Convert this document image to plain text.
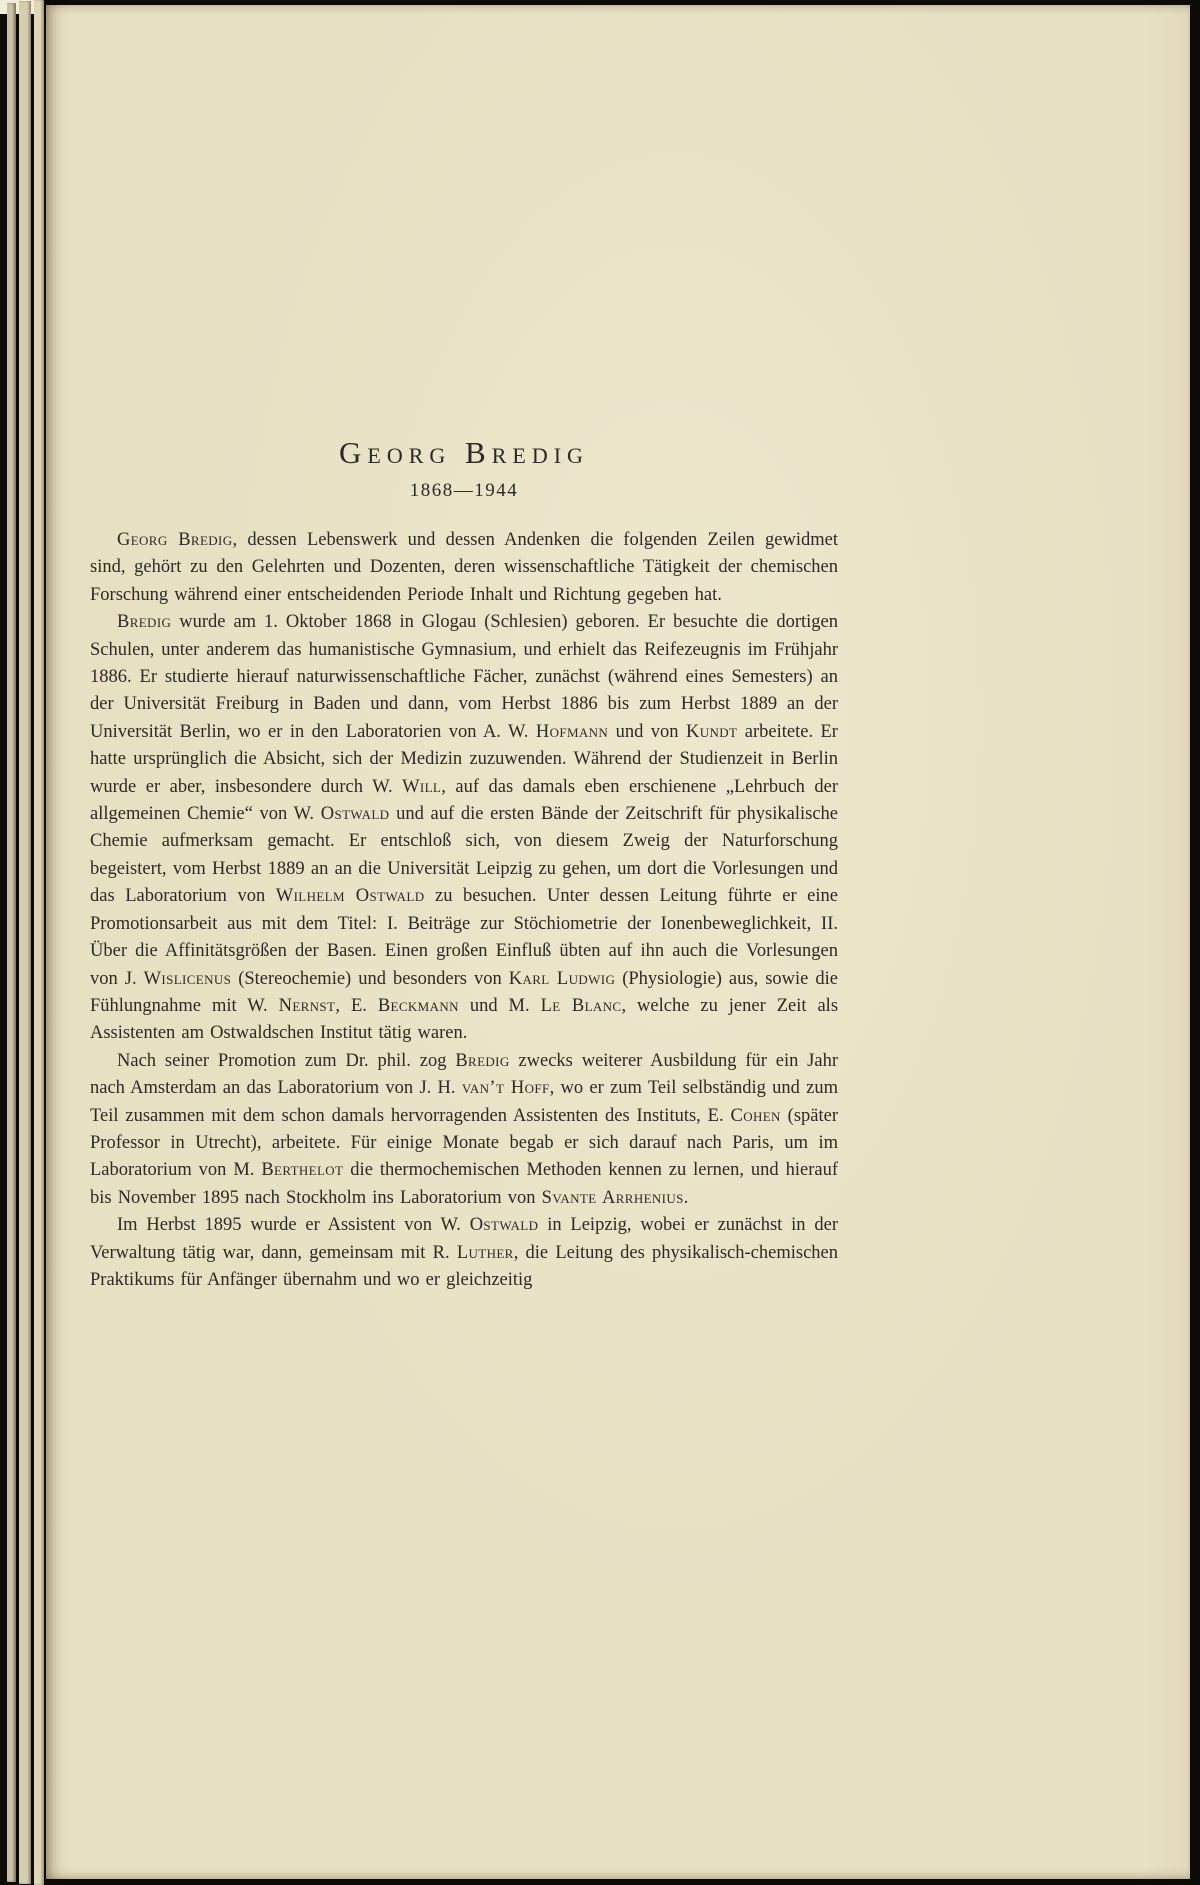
Georg Bredig
1868—1944

Georg Bredig, dessen Lebenswerk und dessen Andenken die folgenden Zeilen gewidmet sind, gehört zu den Gelehrten und Dozenten, deren wissenschaftliche Tätigkeit der chemischen Forschung während einer entscheidenden Periode Inhalt und Richtung gegeben hat.

Bredig wurde am 1. Oktober 1868 in Glogau (Schlesien) geboren. Er besuchte die dortigen Schulen, unter anderem das humanistische Gymnasium, und erhielt das Reifezeugnis im Frühjahr 1886. Er studierte hierauf naturwissenschaftliche Fächer, zunächst (während eines Semesters) an der Universität Freiburg in Baden und dann, vom Herbst 1886 bis zum Herbst 1889 an der Universität Berlin, wo er in den Laboratorien von A. W. Hofmann und von Kundt arbeitete. Er hatte ursprünglich die Absicht, sich der Medizin zuzuwenden. Während der Studienzeit in Berlin wurde er aber, insbesondere durch W. Will, auf das damals eben erschienene „Lehrbuch der allgemeinen Chemie“ von W. Ostwald und auf die ersten Bände der Zeitschrift für physikalische Chemie aufmerksam gemacht. Er entschloß sich, von diesem Zweig der Naturforschung begeistert, vom Herbst 1889 an an die Universität Leipzig zu gehen, um dort die Vorlesungen und das Laboratorium von Wilhelm Ostwald zu besuchen. Unter dessen Leitung führte er eine Promotionsarbeit aus mit dem Titel: I. Beiträge zur Stöchiometrie der Ionenbeweglichkeit, II. Über die Affinitätsgrößen der Basen. Einen großen Einfluß übten auf ihn auch die Vorlesungen von J. Wislicenus (Stereochemie) und besonders von Karl Ludwig (Physiologie) aus, sowie die Fühlungnahme mit W. Nernst, E. Beckmann und M. Le Blanc, welche zu jener Zeit als Assistenten am Ostwaldschen Institut tätig waren.

Nach seiner Promotion zum Dr. phil. zog Bredig zwecks weiterer Ausbildung für ein Jahr nach Amsterdam an das Laboratorium von J. H. van’t Hoff, wo er zum Teil selbständig und zum Teil zusammen mit dem schon damals hervorragenden Assistenten des Instituts, E. Cohen (später Professor in Utrecht), arbeitete. Für einige Monate begab er sich darauf nach Paris, um im Laboratorium von M. Berthelot die thermochemischen Methoden kennen zu lernen, und hierauf bis November 1895 nach Stockholm ins Laboratorium von Svante Arrhenius.

Im Herbst 1895 wurde er Assistent von W. Ostwald in Leipzig, wobei er zunächst in der Verwaltung tätig war, dann, gemeinsam mit R. Luther, die Leitung des physikalisch-chemischen Praktikums für Anfänger übernahm und wo er gleichzeitig
